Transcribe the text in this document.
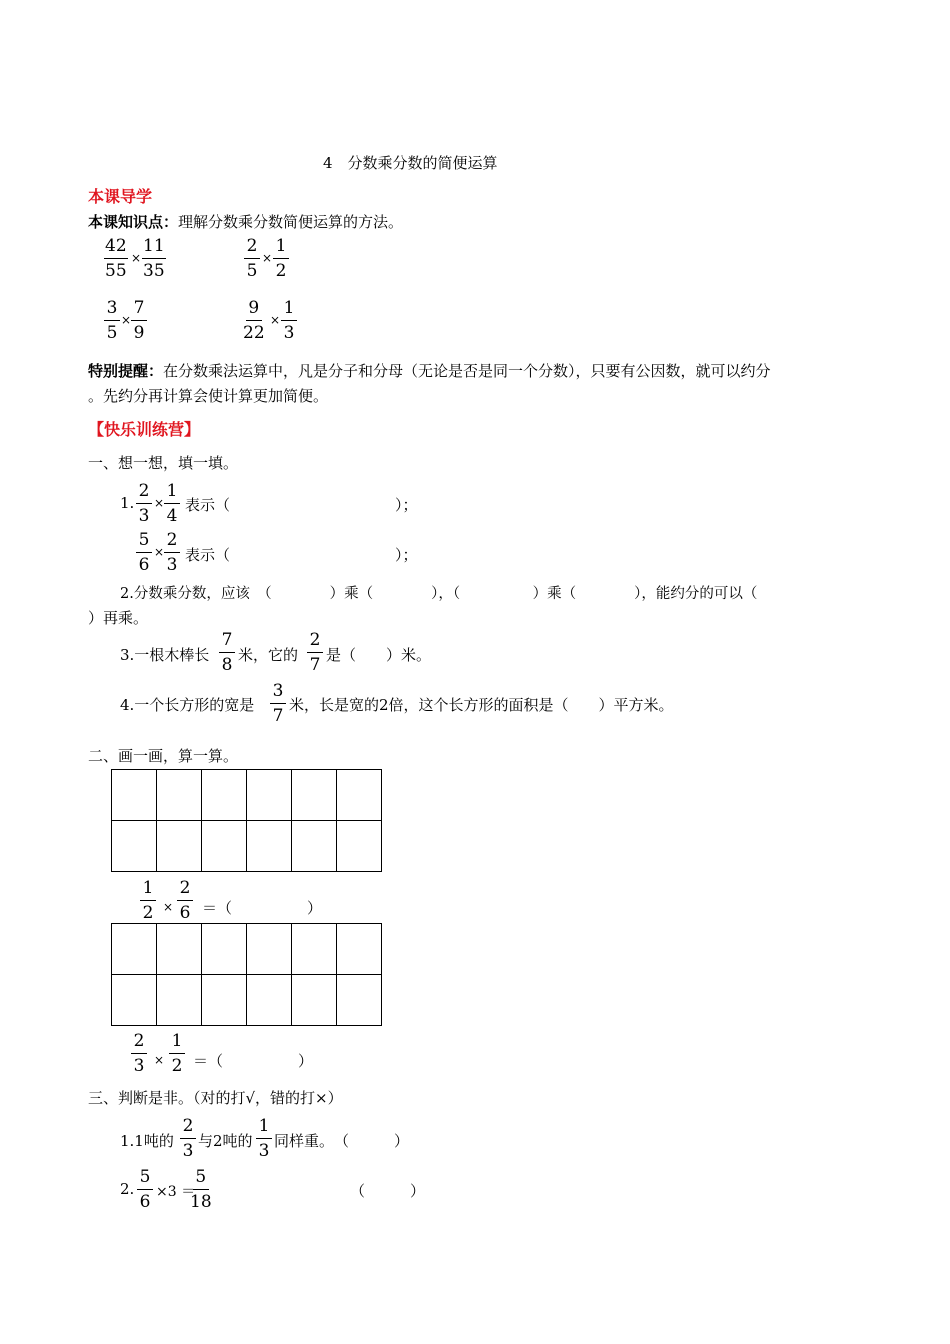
4　分数乘分数的简便运算
本课导学
本课知识点：理解分数乘分数简便运算的方法。
$\frac{42}{55} \times \frac{11}{35}$	$\frac{2}{5} \times \frac{1}{2}$
$\frac{3}{5} \times \frac{7}{9}$	$\frac{9}{22} \times \frac{1}{3}$
特别提醒：在分数乘法运算中，凡是分子和分母（无论是否是同一个分数），只要有公因数，就可以约分
。先约分再计算会使计算更加简便。
【快乐训练营】
一、想一想，填一填。
1. $\frac{2}{3} \times \frac{1}{4}$ 表示（　　　　　　　　　　　）；
$\frac{5}{6} \times \frac{2}{3}$ 表示（　　　　　　　　　　　）；
2.分数乘分数，应该　（　　　　）乘（　　　　），（　　　　　）乘（　　　　），能约分的可以（
）再乘。
3.一根木棒长 $\frac{7}{8}$ 米，它的 $\frac{2}{7}$ 是（　　）米。
4.一个长方形的宽是 $\frac{3}{7}$ 米，长是宽的2倍，这个长方形的面积是（　　）平方米。
二、画一画，算一算。

$\frac{1}{2} \times \frac{2}{6}$ ＝（　　　　　）

$\frac{2}{3} \times \frac{1}{2}$ ＝（　　　　　）
三、判断是非。（对的打√，错的打×）
1.1吨的 $\frac{2}{3}$ 与2吨的 $\frac{1}{3}$ 同样重。　（　　　）
2. $\frac{5}{6} \times 3$ ＝
$\frac{5}{18}$	（　　　）
